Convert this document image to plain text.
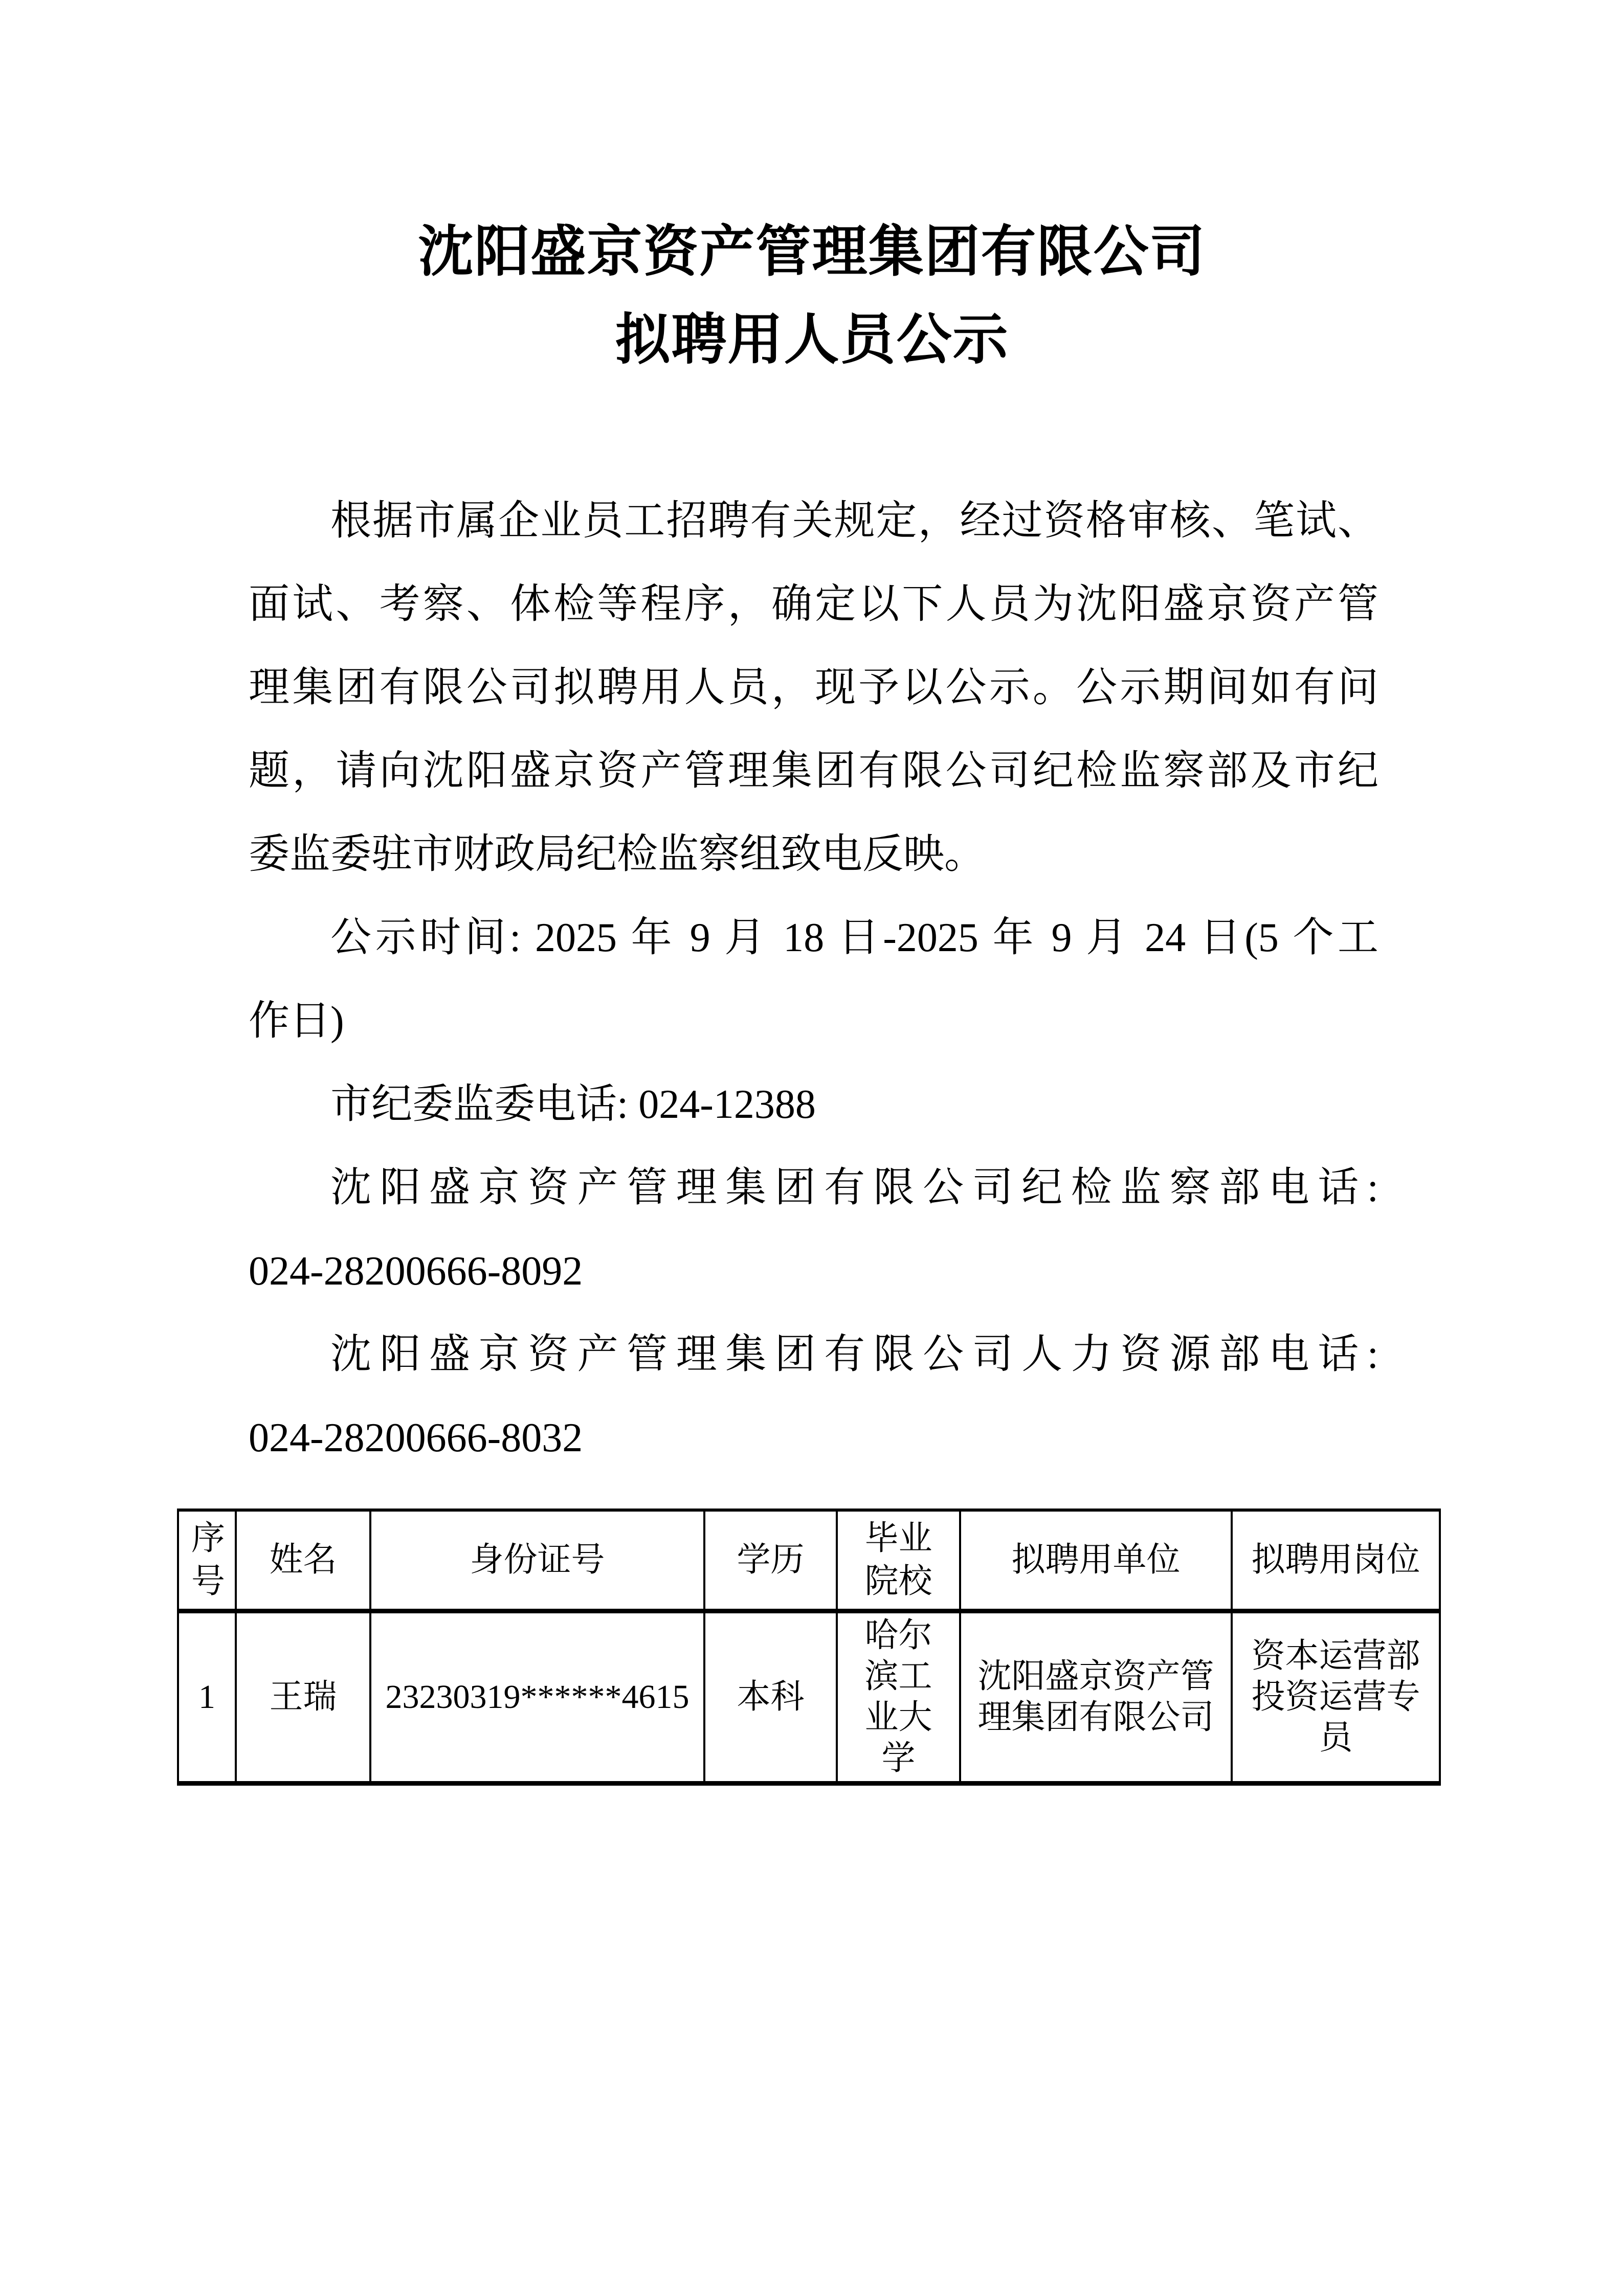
沈阳盛京资产管理集团有限公司
拟聘用人员公示
根据市属企业员工招聘有关规定，经过资格审核、笔试、
面试、考察、体检等程序，确定以下人员为沈阳盛京资产管
理集团有限公司拟聘用人员，现予以公示。公示期间如有问
题，请向沈阳盛京资产管理集团有限公司纪检监察部及市纪
委监委驻市财政局纪检监察组致电反映。
公示时间: 2025 年 9 月 18 日-2025 年 9 月 24 日(5 个工
作日)
市纪委监委电话: 024-12388
沈阳盛京资产管理集团有限公司纪检监察部电话:
024-28200666-8092
沈阳盛京资产管理集团有限公司人力资源部电话:
024-28200666-8032
序号	姓名	身份证号	学历	毕业院校	拟聘用单位	拟聘用岗位
1	王瑞	23230319******4615	本科	哈尔滨工业大学	沈阳盛京资产管理集团有限公司	资本运营部投资运营专员
